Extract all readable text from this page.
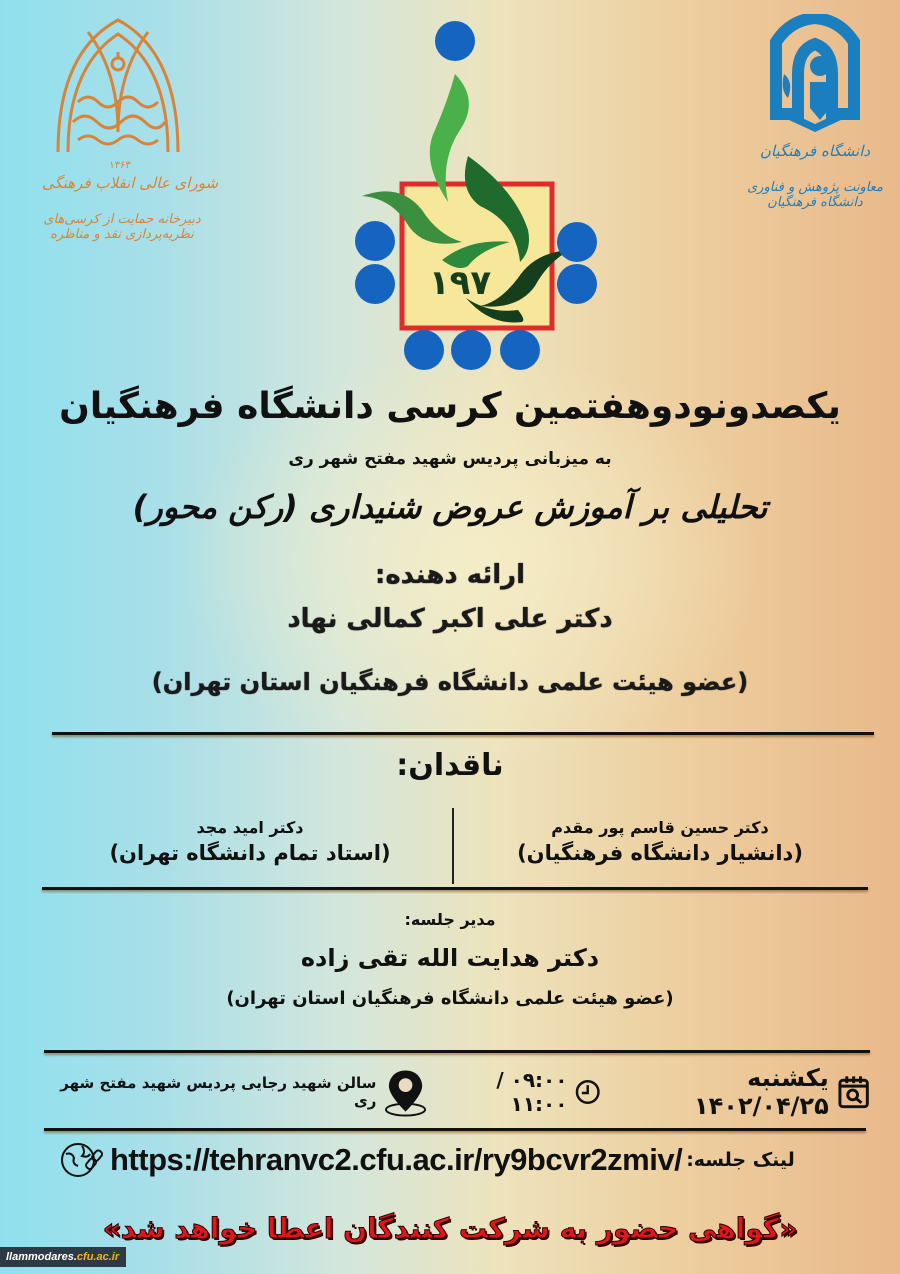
۱۳۶۳
شورای عالی انقلاب فرهنگی
دبیرخانه حمایت از کرسی‌های نظریه‌پردازی نقد و مناظره
دانشگاه فرهنگیان
معاونت پژوهش و فناوری دانشگاه فرهنگیان
۱۹۷
یکصدونودوهفتمین کرسی دانشگاه فرهنگیان
به میزبانی پردیس شهید مفتح شهر ری
تحلیلی بر آموزش عروض شنیداری (رکن محور)
ارائه دهنده:
دکتر علی اکبر کمالی نهاد
(عضو هیئت علمی دانشگاه فرهنگیان استان تهران)
ناقدان:
دکتر حسین قاسم پور مقدم
(دانشیار دانشگاه فرهنگیان)
دکتر امید مجد
(استاد تمام دانشگاه تهران)
مدیر جلسه:
دکتر هدایت الله تقی زاده
(عضو هیئت علمی دانشگاه فرهنگیان استان تهران)
سالن شهید رجایی پردیس شهید مفتح شهر ری
۰۹:۰۰ / ۱۱:۰۰
یکشنبه ۱۴۰۲/۰۴/۲۵
https://tehranvc2.cfu.ac.ir/ry9bcvr2zmiv/ لینک جلسه:
«گواهی حضور به شرکت کنندگان اعطا خواهد شد»
llammodares.cfu.ac.ir
